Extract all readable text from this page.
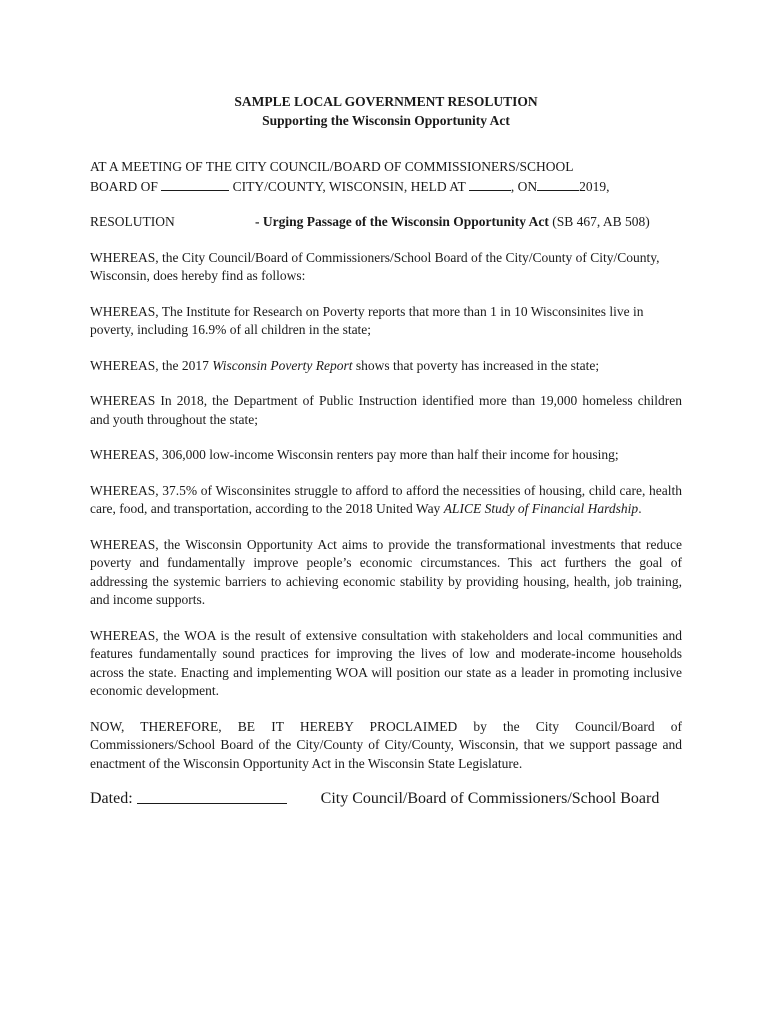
SAMPLE LOCAL GOVERNMENT RESOLUTION
Supporting the Wisconsin Opportunity Act

AT A MEETING OF THE CITY COUNCIL/BOARD OF COMMISSIONERS/SCHOOL
BOARD OF	CITY/COUNTY, WISCONSIN, HELD AT	, ON	2019,

RESOLUTION	- Urging Passage of the Wisconsin Opportunity Act
(SB 467, AB 508)

WHEREAS, the City Council/Board of Commissioners/School Board of the City/County of City/County, Wisconsin, does hereby find as follows:

WHEREAS, The Institute for Research on Poverty reports that more than 1 in 10 Wisconsinites live in poverty, including 16.9% of all children in the state;

WHEREAS, the 2017 Wisconsin Poverty Report shows that poverty has increased in the state;

WHEREAS In 2018, the Department of Public Instruction identified more than 19,000 homeless children and youth throughout the state;

WHEREAS, 306,000 low-income Wisconsin renters pay more than half their income for housing;

WHEREAS, 37.5% of Wisconsinites struggle to afford to afford the necessities of housing, child care, health care, food, and transportation, according to the 2018 United Way ALICE Study of Financial Hardship.

WHEREAS, the Wisconsin Opportunity Act aims to provide the transformational investments that reduce poverty and fundamentally improve people’s economic circumstances. This act furthers the goal of addressing the systemic barriers to achieving economic stability by providing housing, health, job training, and income supports.

WHEREAS, the WOA is the result of extensive consultation with stakeholders and local communities and features fundamentally sound practices for improving the lives of low and moderate-income households across the state. Enacting and implementing WOA will position our state as a leader in promoting inclusive economic development.

NOW, THEREFORE, BE IT HEREBY PROCLAIMED by the City Council/Board of Commissioners/School Board of the City/County of City/County, Wisconsin, that we support passage and enactment of the Wisconsin Opportunity Act in the Wisconsin State Legislature.

Dated:	City Council/Board of Commissioners/School Board
